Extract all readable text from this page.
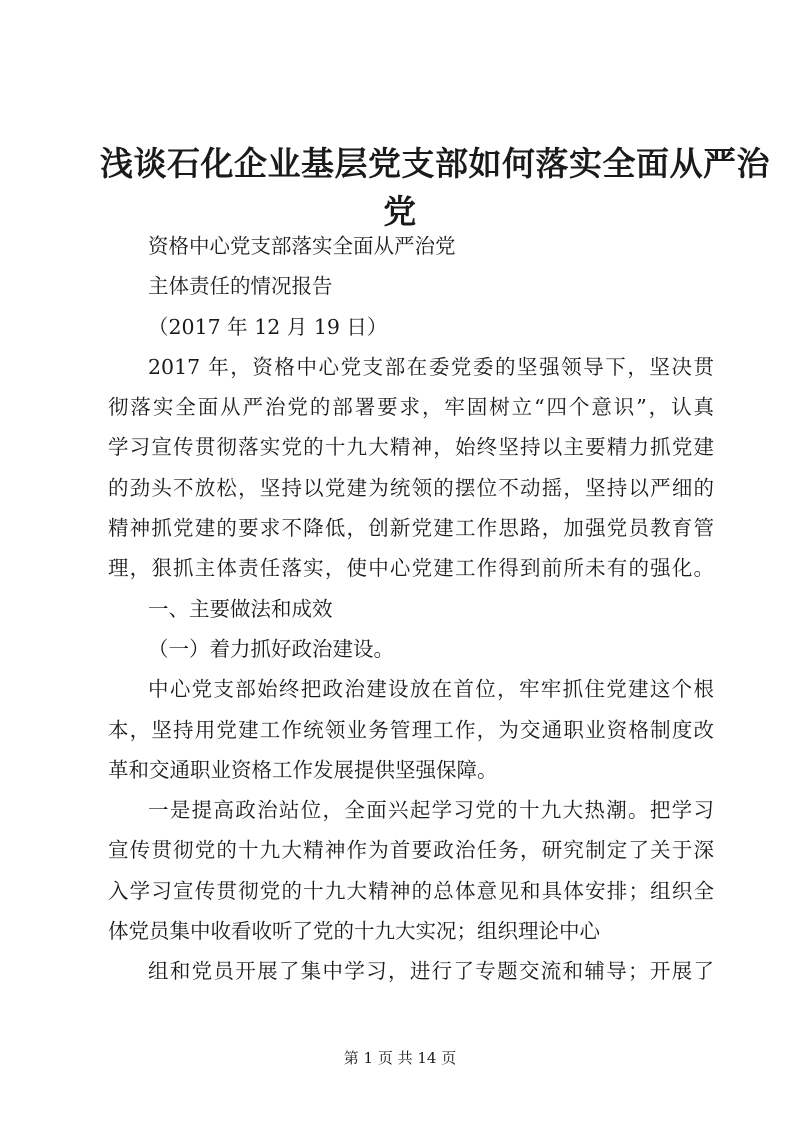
浅谈石化企业基层党支部如何落实全面从严治
党
资格中心党支部落实全面从严治党
主体责任的情况报告
（2017 年 12 月 19 日）
2017 年，资格中心党支部在委党委的坚强领导下，坚决贯
彻落实全面从严治党的部署要求，牢固树立“四个意识”，认真
学习宣传贯彻落实党的十九大精神，始终坚持以主要精力抓党建
的劲头不放松，坚持以党建为统领的摆位不动摇，坚持以严细的
精神抓党建的要求不降低，创新党建工作思路，加强党员教育管
理，狠抓主体责任落实，使中心党建工作得到前所未有的强化。
一、主要做法和成效
（一）着力抓好政治建设。
中心党支部始终把政治建设放在首位，牢牢抓住党建这个根
本，坚持用党建工作统领业务管理工作，为交通职业资格制度改
革和交通职业资格工作发展提供坚强保障。
一是提高政治站位，全面兴起学习党的十九大热潮。把学习
宣传贯彻党的十九大精神作为首要政治任务，研究制定了关于深
入学习宣传贯彻党的十九大精神的总体意见和具体安排；组织全
体党员集中收看收听了党的十九大实况；组织理论中心
组和党员开展了集中学习，进行了专题交流和辅导；开展了
第 1 页 共 14 页
